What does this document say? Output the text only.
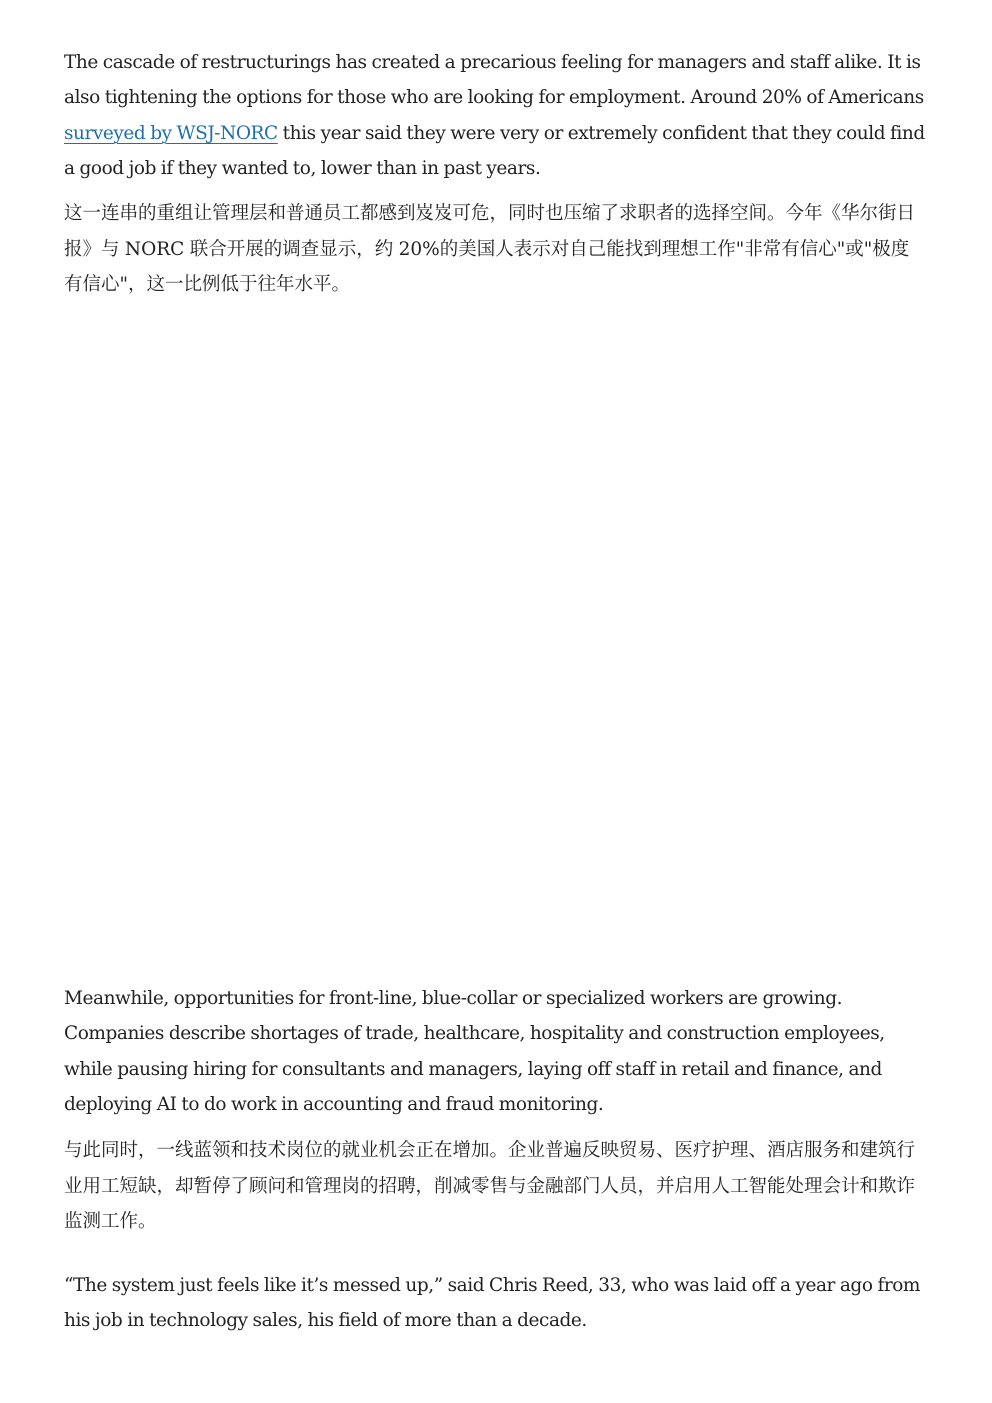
The cascade of restructurings has created a precarious feeling for managers and staff alike. It is also tightening the options for those who are looking for employment. Around 20% of Americans surveyed by WSJ-NORC this year said they were very or extremely confident that they could find a good job if they wanted to, lower than in past years.

这一连串的重组让管理层和普通员工都感到岌岌可危，同时也压缩了求职者的选择空间。今年《华尔街日报》与 NORC 联合开展的调查显示，约 20%的美国人表示对自己能找到理想工作"非常有信心"或"极度有信心"，这一比例低于往年水平。

Meanwhile, opportunities for front-line, blue-collar or specialized workers are growing. Companies describe shortages of trade, healthcare, hospitality and construction employees, while pausing hiring for consultants and managers, laying off staff in retail and finance, and deploying AI to do work in accounting and fraud monitoring.

与此同时，一线蓝领和技术岗位的就业机会正在增加。企业普遍反映贸易、医疗护理、酒店服务和建筑行业用工短缺，却暂停了顾问和管理岗的招聘，削减零售与金融部门人员，并启用人工智能处理会计和欺诈监测工作。

“The system just feels like it’s messed up,” said Chris Reed, 33, who was laid off a year ago from his job in technology sales, his field of more than a decade.
